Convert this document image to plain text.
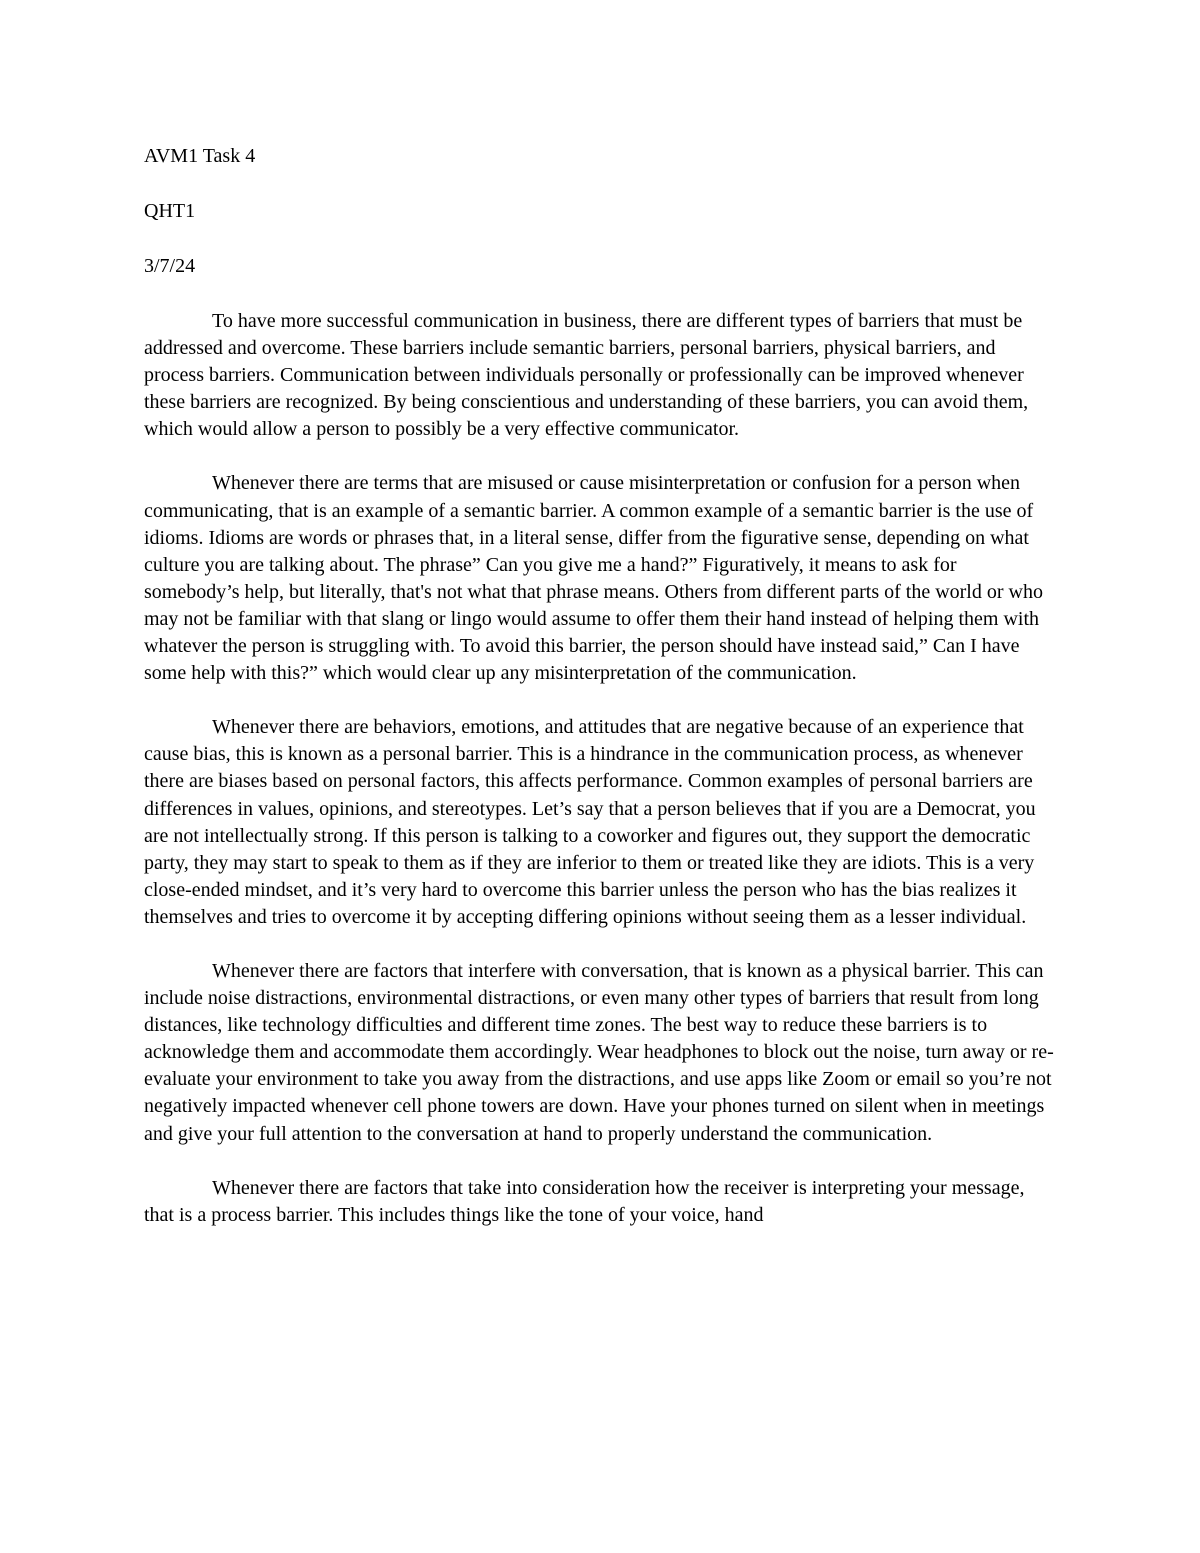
AVM1 Task 4

QHT1

3/7/24

To have more successful communication in business, there are different types of barriers that must be addressed and overcome. These barriers include semantic barriers, personal barriers, physical barriers, and process barriers. Communication between individuals personally or professionally can be improved whenever these barriers are recognized. By being conscientious and understanding of these barriers, you can avoid them, which would allow a person to possibly be a very effective communicator.

Whenever there are terms that are misused or cause misinterpretation or confusion for a person when communicating, that is an example of a semantic barrier. A common example of a semantic barrier is the use of idioms. Idioms are words or phrases that, in a literal sense, differ from the figurative sense, depending on what culture you are talking about. The phrase” Can you give me a hand?” Figuratively, it means to ask for somebody’s help, but literally, that's not what that phrase means. Others from different parts of the world or who may not be familiar with that slang or lingo would assume to offer them their hand instead of helping them with whatever the person is struggling with. To avoid this barrier, the person should have instead said,” Can I have some help with this?” which would clear up any misinterpretation of the communication.

Whenever there are behaviors, emotions, and attitudes that are negative because of an experience that cause bias, this is known as a personal barrier. This is a hindrance in the communication process, as whenever there are biases based on personal factors, this affects performance. Common examples of personal barriers are differences in values, opinions, and stereotypes. Let’s say that a person believes that if you are a Democrat, you are not intellectually strong. If this person is talking to a coworker and figures out, they support the democratic party, they may start to speak to them as if they are inferior to them or treated like they are idiots. This is a very close-ended mindset, and it’s very hard to overcome this barrier unless the person who has the bias realizes it themselves and tries to overcome it by accepting differing opinions without seeing them as a lesser individual.

Whenever there are factors that interfere with conversation, that is known as a physical barrier. This can include noise distractions, environmental distractions, or even many other types of barriers that result from long distances, like technology difficulties and different time zones. The best way to reduce these barriers is to acknowledge them and accommodate them accordingly. Wear headphones to block out the noise, turn away or re-evaluate your environment to take you away from the distractions, and use apps like Zoom or email so you’re not negatively impacted whenever cell phone towers are down. Have your phones turned on silent when in meetings and give your full attention to the conversation at hand to properly understand the communication.

Whenever there are factors that take into consideration how the receiver is interpreting your message, that is a process barrier. This includes things like the tone of your voice, hand
